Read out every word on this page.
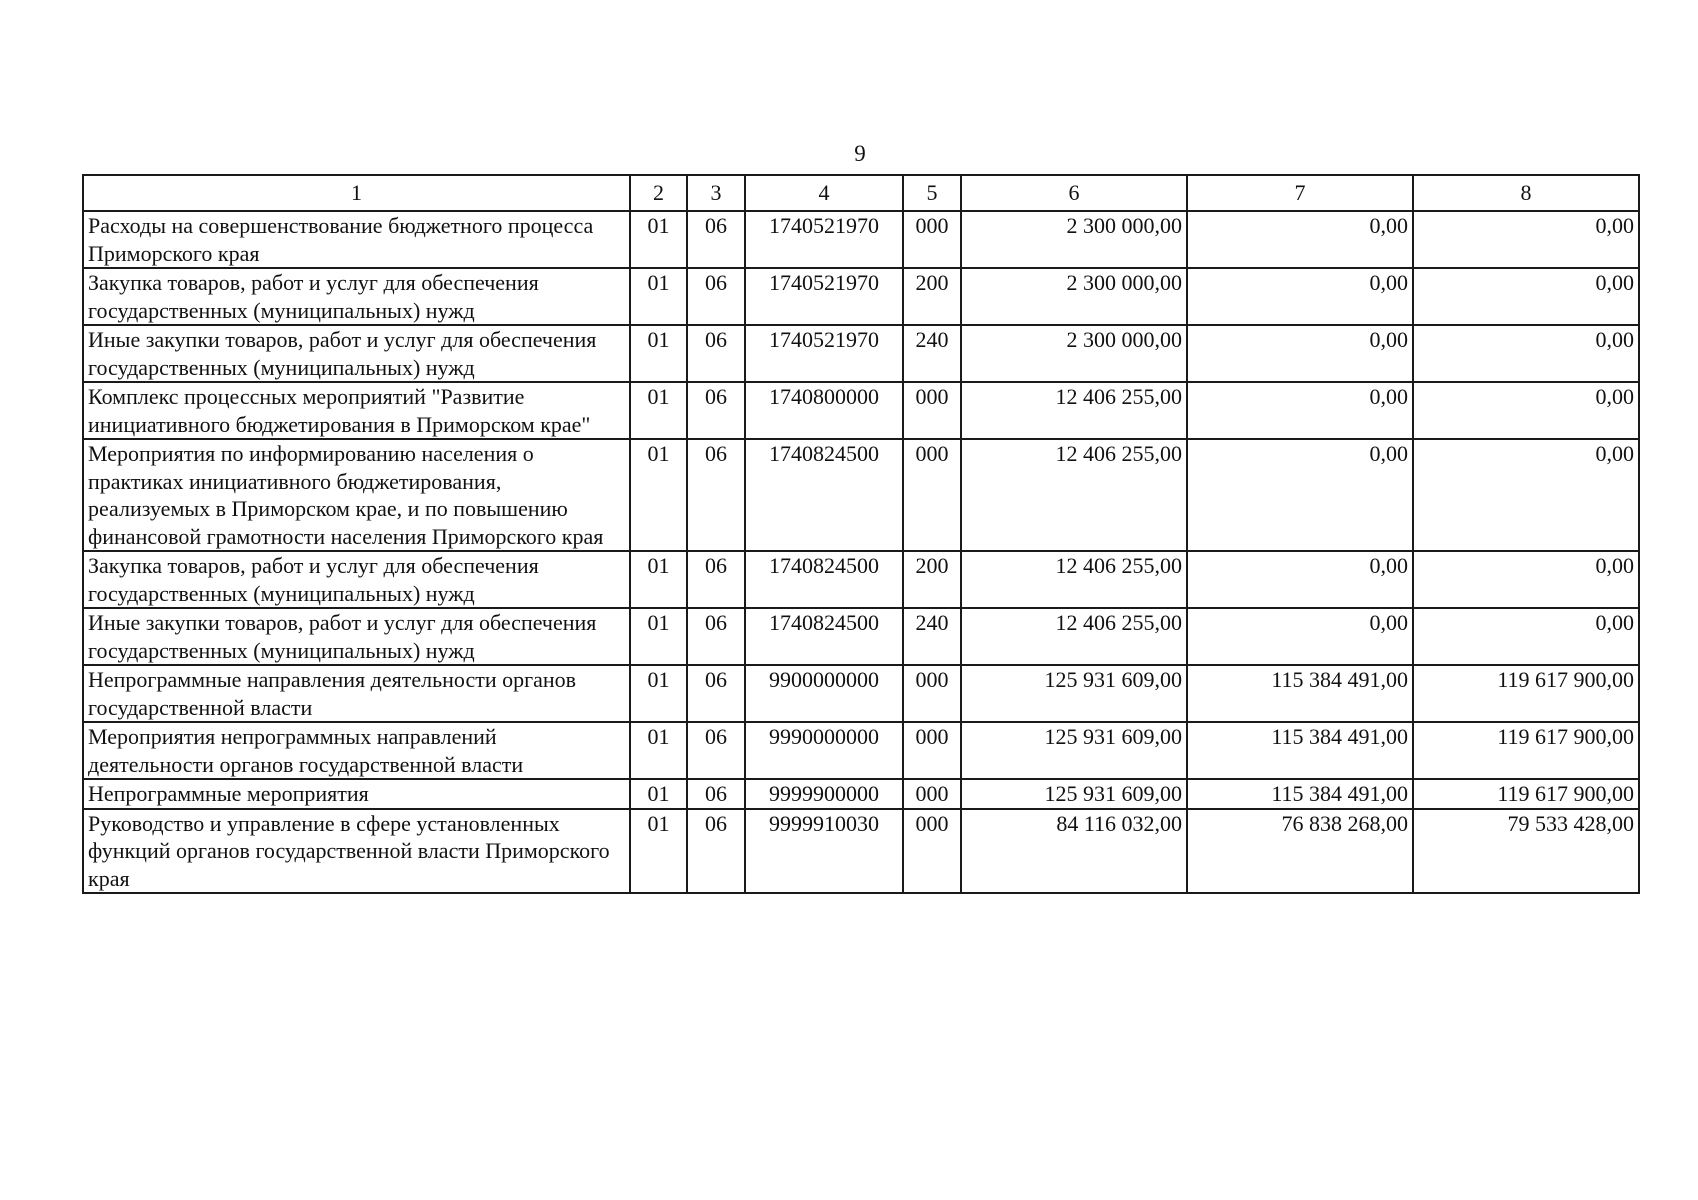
9
1	2	3	4	5	6	7	8
Расходы на совершенствование бюджетного процесса Приморского края	01	06	1740521970	000	2 300 000,00	0,00	0,00
Закупка товаров, работ и услуг для обеспечения государственных (муниципальных) нужд	01	06	1740521970	200	2 300 000,00	0,00	0,00
Иные закупки товаров, работ и услуг для обеспечения государственных (муниципальных) нужд	01	06	1740521970	240	2 300 000,00	0,00	0,00
Комплекс процессных мероприятий "Развитие инициативного бюджетирования в Приморском крае"	01	06	1740800000	000	12 406 255,00	0,00	0,00
Мероприятия по информированию населения о практиках инициативного бюджетирования, реализуемых в Приморском крае, и по повышению финансовой грамотности населения Приморского края	01	06	1740824500	000	12 406 255,00	0,00	0,00
Закупка товаров, работ и услуг для обеспечения государственных (муниципальных) нужд	01	06	1740824500	200	12 406 255,00	0,00	0,00
Иные закупки товаров, работ и услуг для обеспечения государственных (муниципальных) нужд	01	06	1740824500	240	12 406 255,00	0,00	0,00
Непрограммные направления деятельности органов государственной власти	01	06	9900000000	000	125 931 609,00	115 384 491,00	119 617 900,00
Мероприятия непрограммных направлений деятельности органов государственной власти	01	06	9990000000	000	125 931 609,00	115 384 491,00	119 617 900,00
Непрограммные мероприятия	01	06	9999900000	000	125 931 609,00	115 384 491,00	119 617 900,00
Руководство и управление в сфере установленных функций органов государственной власти Приморского края	01	06	9999910030	000	84 116 032,00	76 838 268,00	79 533 428,00
